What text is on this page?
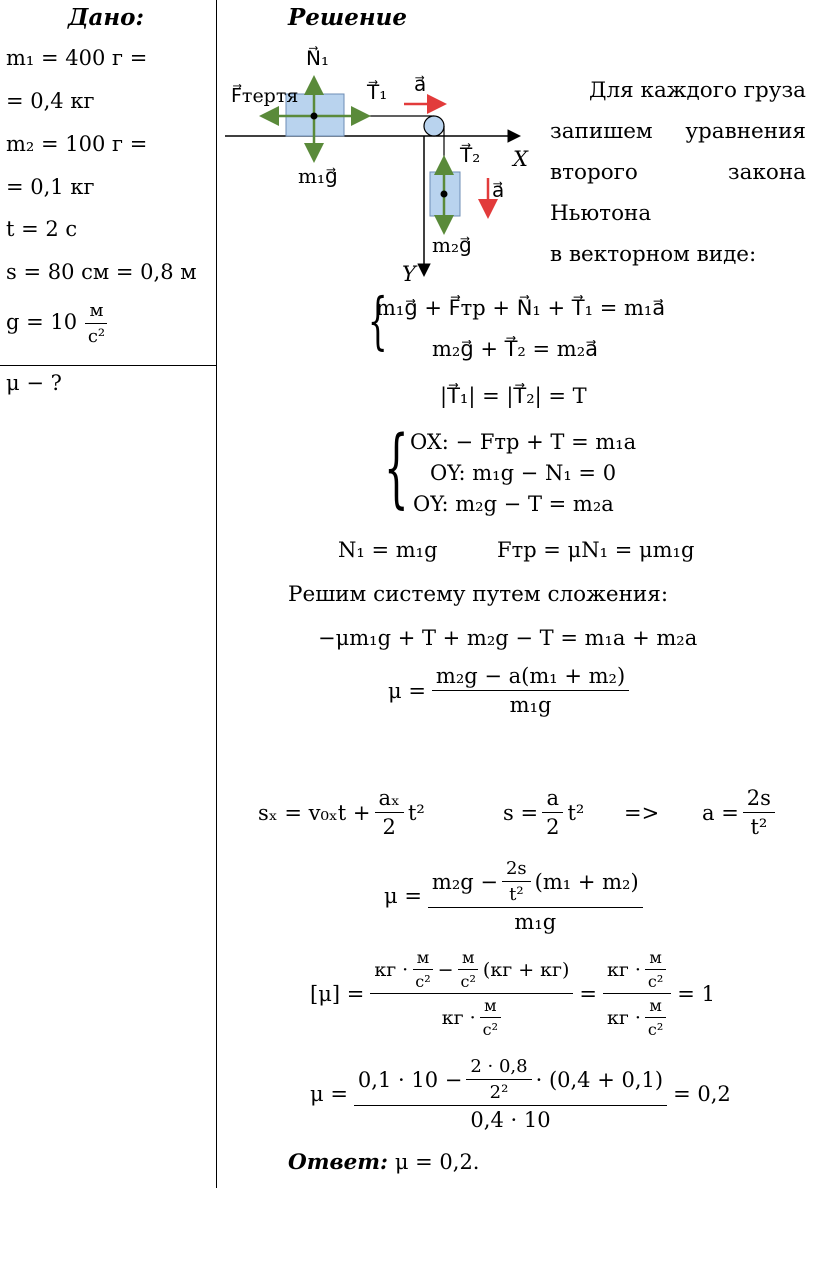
Дано:
m₁ = 400 г =
= 0,4 кг
m₂ = 100 г =
= 0,1 кг
t = 2 с
s = 80 см = 0,8 м
$g = 10 \frac{м}{\text{с²}}$
μ − ?
Решение
N⃗₁
T⃗₁ a⃗
F⃗тертя
m₁g⃗
T⃗₂
a⃗
m₂g⃗
X
Y
Для каждого груза
запишем уравнения
второго закона Ньютона
в векторном виде:
{
m₁g⃗ + F⃗тр + N⃗₁ + T⃗₁ = m₁a⃗
m₂g⃗ + T⃗₂ = m₂a⃗
|T⃗₁| = |T⃗₂| = T
{ OX: − Fтр + T = m₁a
OY: m₁g − N₁ = 0
OY: m₂g − T = m₂a
N₁ = m₁g	Fтр = μN₁ = μm₁g
Решим систему путем сложения:
−μm₁g + T + m₂g − T = m₁a + m₂a
$\mu = \frac{\text{m₂g − a(m₁ + m₂)}}{\text{m₁g}}$
$s_x = v_{0x}t + \frac{\text{aₓ}}{2} t^2$	$s = \frac{a}{2} t^2 => a = \frac{2s}{\text{t²}}$
$\mu = \frac{m_2g - \frac{2s}{\text{t²}} (m_1 + m_2)}{\text{m₁g}}$
[μ] =
кг · $\frac{м}{\text{с²}} - \frac{м}{\text{с²}} (кг + кг)$
кг · $\frac{м}{\text{с²}}$
= $\frac{кг \cdot \frac{м}{\text{с²}}}{кг \cdot \frac{м}{\text{с²}}} = 1$
μ =
$0,1 \cdot 10 - \frac{2 \cdot 0,8}{\text{2²}} \cdot (0,4 + 0,1)$
0,4 · 10
= 0,2
Ответ: μ = 0,2.
